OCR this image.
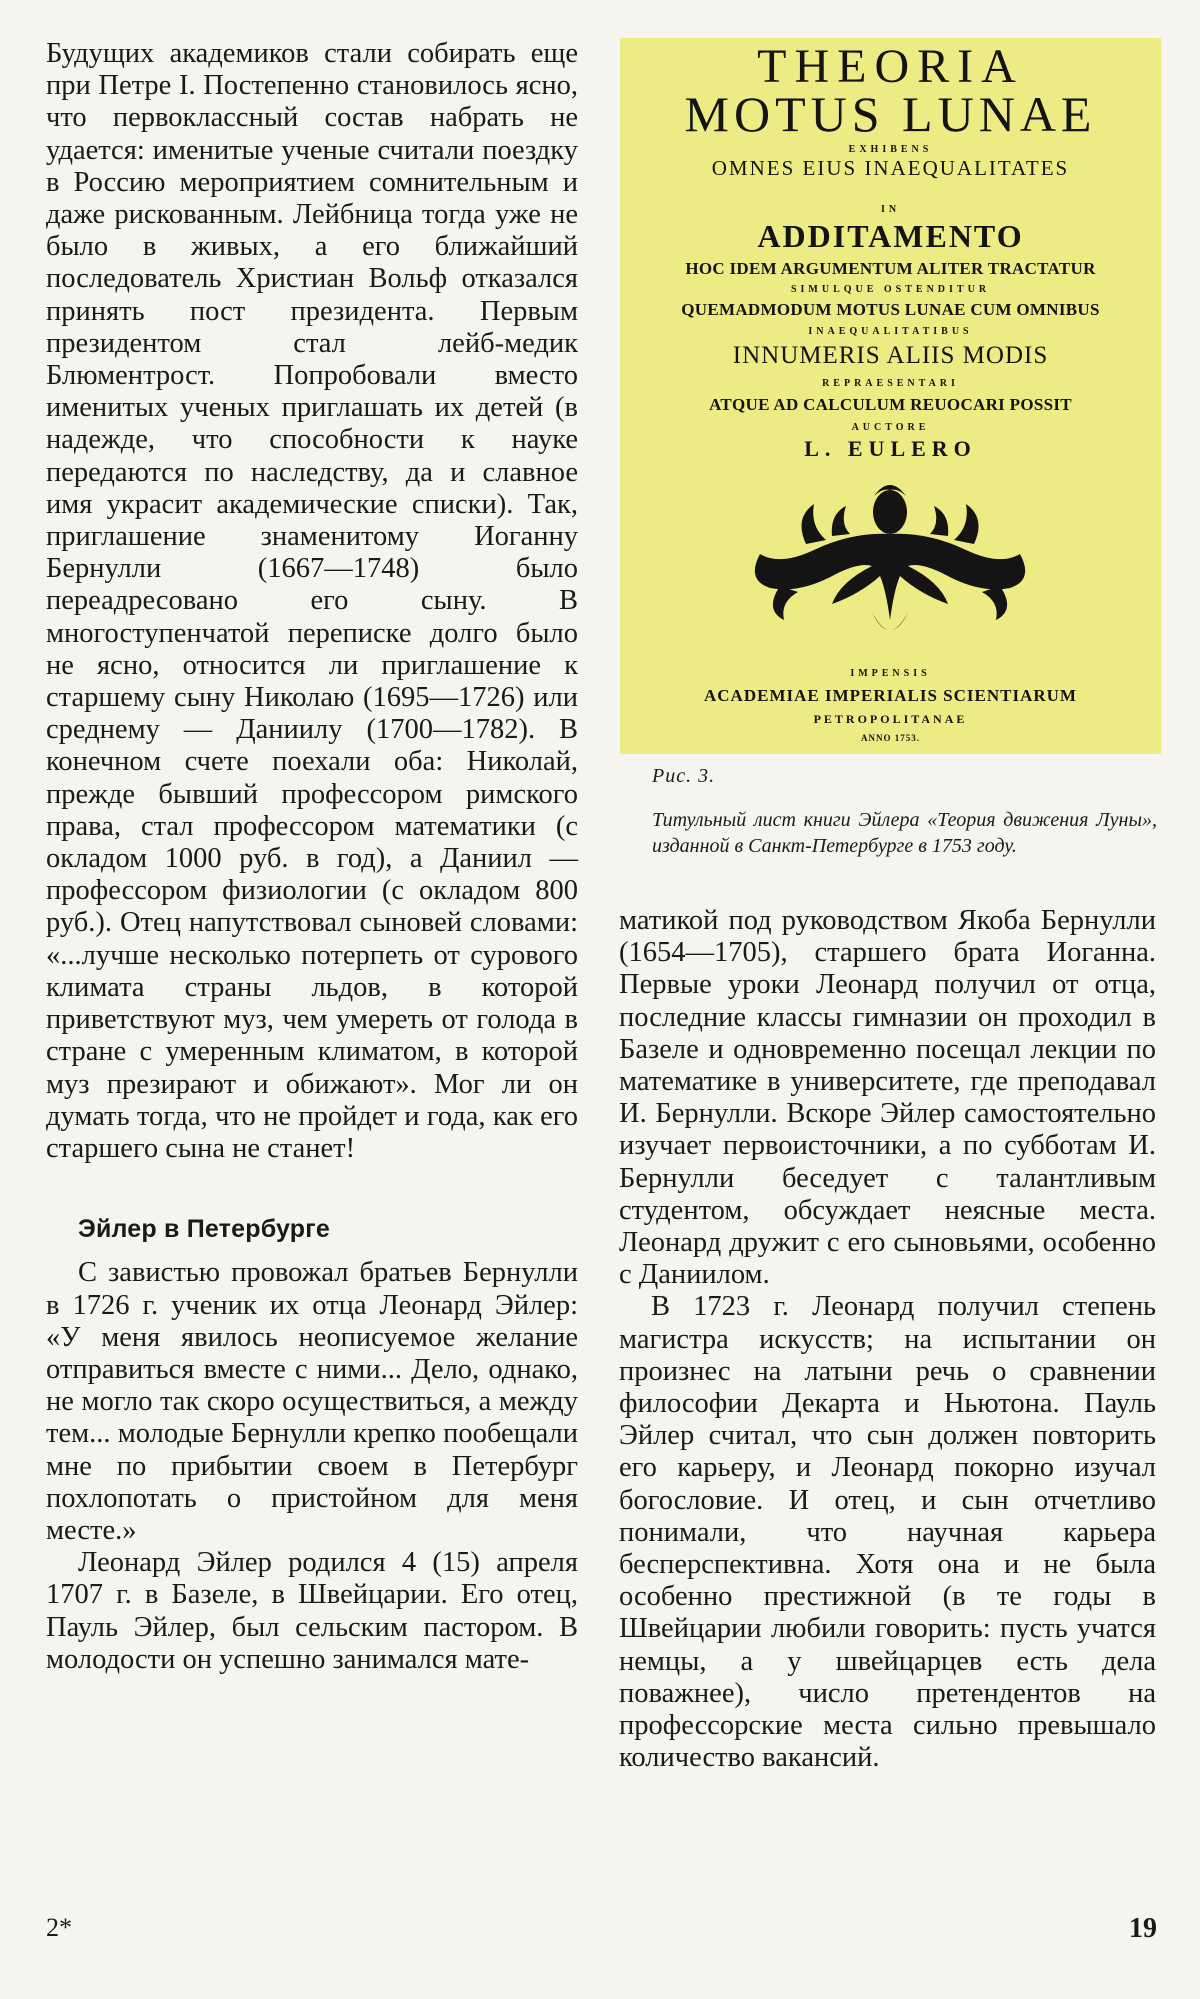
Будущих академиков стали собирать еще при Петре I. Постепенно становилось ясно, что первоклассный состав набрать не удается: именитые ученые считали поездку в Россию мероприятием сомнительным и даже рискованным. Лейбница тогда уже не было в живых, а его ближайший последователь Христиан Вольф отказался принять пост президента. Первым президентом стал лейб-медик Блюментрост. Попробовали вместо именитых ученых приглашать их детей (в надежде, что способности к науке передаются по наследству, да и славное имя украсит академические списки). Так, приглашение знаменитому Иоганну Бернулли (1667—1748) было переадресовано его сыну. В многоступенчатой переписке долго было не ясно, относится ли приглашение к старшему сыну Николаю (1695—1726) или среднему — Даниилу (1700—1782). В конечном счете поехали оба: Николай, прежде бывший профессором римского права, стал профессором математики (с окладом 1000 руб. в год), а Даниил — профессором физиологии (с окладом 800 руб.). Отец напутствовал сыновей словами: «...лучше несколько потерпеть от сурового климата страны льдов, в которой приветствуют муз, чем умереть от голода в стране с умеренным климатом, в которой муз презирают и обижают». Мог ли он думать тогда, что не пройдет и года, как его старшего сына не станет!

Эйлер в Петербурге

С завистью провожал братьев Бернулли в 1726 г. ученик их отца Леонард Эйлер: «У меня явилось неописуемое желание отправиться вместе с ними... Дело, однако, не могло так скоро осуществиться, а между тем... молодые Бернулли крепко пообещали мне по прибытии своем в Петербург похлопотать о пристойном для меня месте.»

Леонард Эйлер родился 4 (15) апреля 1707 г. в Базеле, в Швейцарии. Его отец, Пауль Эйлер, был сельским пастором. В молодости он успешно занимался мате-

THEORIA
MOTUS LUNAE
EXHIBENS
OMNES EIUS INAEQUALITATES
IN
ADDITAMENTO
HOC IDEM ARGUMENTUM ALITER TRACTATUR
SIMULQUE OSTENDITUR
QUEMADMODUM MOTUS LUNAE CUM OMNIBUS
INAEQUALITATIBUS
INNUMERIS ALIIS MODIS
REPRAESENTARI
ATQUE AD CALCULUM REUOCARI POSSIT
AUCTORE
L. EULERO
IMPENSIS
ACADEMIAE IMPERIALIS SCIENTIARUM
PETROPOLITANAE
ANNO 1753.

Рис. 3.

Титульный лист книги Эйлера «Теория движения Луны», изданной в Санкт-Петербурге в 1753 году.

матикой под руководством Якоба Бернулли (1654—1705), старшего брата Иоганна. Первые уроки Леонард получил от отца, последние классы гимназии он проходил в Базеле и одновременно посещал лекции по математике в университете, где преподавал И. Бернулли. Вскоре Эйлер самостоятельно изучает первоисточники, а по субботам И. Бернулли беседует с талантливым студентом, обсуждает неясные места. Леонард дружит с его сыновьями, особенно с Даниилом.

В 1723 г. Леонард получил степень магистра искусств; на испытании он произнес на латыни речь о сравнении философии Декарта и Ньютона. Пауль Эйлер считал, что сын должен повторить его карьеру, и Леонард покорно изучал богословие. И отец, и сын отчетливо понимали, что научная карьера бесперспективна. Хотя она и не была особенно престижной (в те годы в Швейцарии любили говорить: пусть учатся немцы, а у швейцарцев есть дела поважнее), число претендентов на профессорские места сильно превышало количество вакансий.

2*	19
